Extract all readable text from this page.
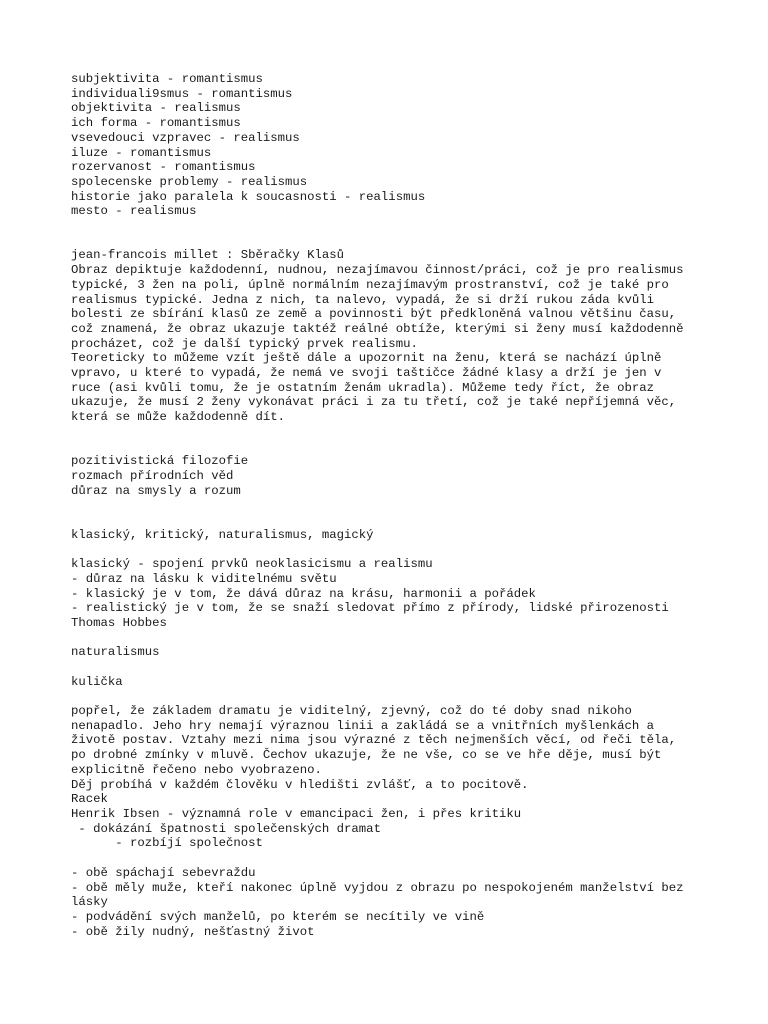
subjektivita - romantismus
individuali9smus - romantismus
objektivita - realismus
ich forma - romantismus
vsevedouci vzpravec - realismus
iluze - romantismus
rozervanost - romantismus
spolecenske problemy - realismus
historie jako paralela k soucasnosti - realismus
mesto - realismus
jean-francois millet : Sběračky Klasů
Obraz depiktuje každodenní, nudnou, nezajímavou činnost/práci, což je pro realismus
typické, 3 žen na poli, úplně normálním nezajímavým prostranství, což je také pro
realismus typické. Jedna z nich, ta nalevo, vypadá, že si drží rukou záda kvůli
bolesti ze sbírání klasů ze země a povinnosti být předkloněná valnou většinu času,
což znamená, že obraz ukazuje taktéž reálné obtíže, kterými si ženy musí každodenně
procházet, což je další typický prvek realismu.
Teoreticky to můžeme vzít ještě dále a upozornit na ženu, která se nachází úplně
vpravo, u které to vypadá, že nemá ve svoji taštičce žádné klasy a drží je jen v
ruce (asi kvůli tomu, že je ostatním ženám ukradla). Můžeme tedy říct, že obraz
ukazuje, že musí 2 ženy vykonávat práci i za tu třetí, což je také nepříjemná věc,
která se může každodenně dít.
pozitivistická filozofie
rozmach přírodních věd
důraz na smysly a rozum
klasický, kritický, naturalismus, magický
klasický - spojení prvků neoklasicismu a realismu
- důraz na lásku k viditelnému světu
- klasický je v tom, že dává důraz na krásu, harmonii a pořádek
- realistický je v tom, že se snaží sledovat přímo z přírody, lidské přirozenosti
Thomas Hobbes
naturalismus
kulička
popřel, že základem dramatu je viditelný, zjevný, což do té doby snad nikoho
nenapadlo. Jeho hry nemají výraznou linii a zakládá se a vnitřních myšlenkách a
životě postav. Vztahy mezi nima jsou výrazné z těch nejmenších věcí, od řeči těla,
po drobné zmínky v mluvě. Čechov ukazuje, že ne vše, co se ve hře děje, musí být
explicitně řečeno nebo vyobrazeno.
Děj probíhá v každém člověku v hledišti zvlášť, a to pocitově.
Racek
Henrik Ibsen - významná role v emancipaci žen, i přes kritiku
- dokázání špatnosti společenských dramat
- rozbíjí společnost
- obě spáchají sebevraždu
- obě měly muže, kteří nakonec úplně vyjdou z obrazu po nespokojeném manželství bez
lásky
- podvádění svých manželů, po kterém se necítily ve vině
- obě žily nudný, nešťastný život
